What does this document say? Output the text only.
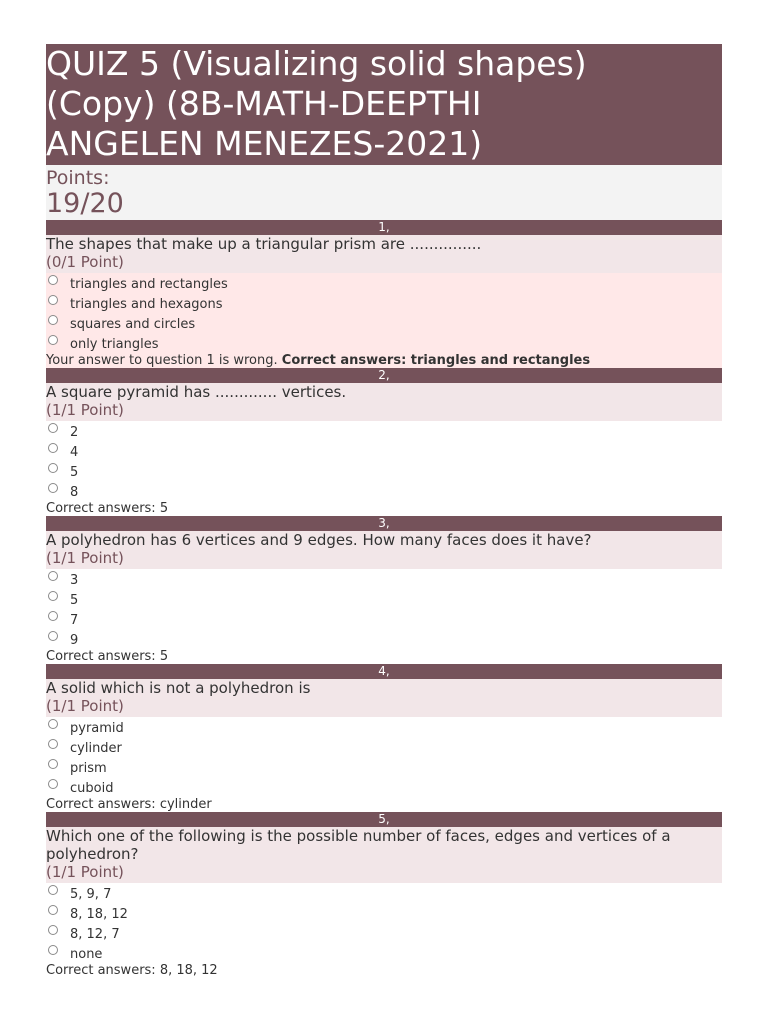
QUIZ 5 (Visualizing solid shapes)
(Copy) (8B-MATH-DEEPTHI
ANGELEN MENEZES-2021)
Points:
19/20
1,
The shapes that make up a triangular prism are ...............
(0/1 Point)
triangles and rectangles
triangles and hexagons
squares and circles
only triangles
Your answer to question 1 is wrong. Correct answers: triangles and rectangles
2,
A square pyramid has ............. vertices.
(1/1 Point)
2
4
5
8
Correct answers: 5
3,
A polyhedron has 6 vertices and 9 edges. How many faces does it have?
(1/1 Point)
3
5
7
9
Correct answers: 5
4,
A solid which is not a polyhedron is
(1/1 Point)
pyramid
cylinder
prism
cuboid
Correct answers: cylinder
5,
Which one of the following is the possible number of faces, edges and vertices of a polyhedron?
(1/1 Point)
5, 9, 7
8, 18, 12
8, 12, 7
none
Correct answers: 8, 18, 12
